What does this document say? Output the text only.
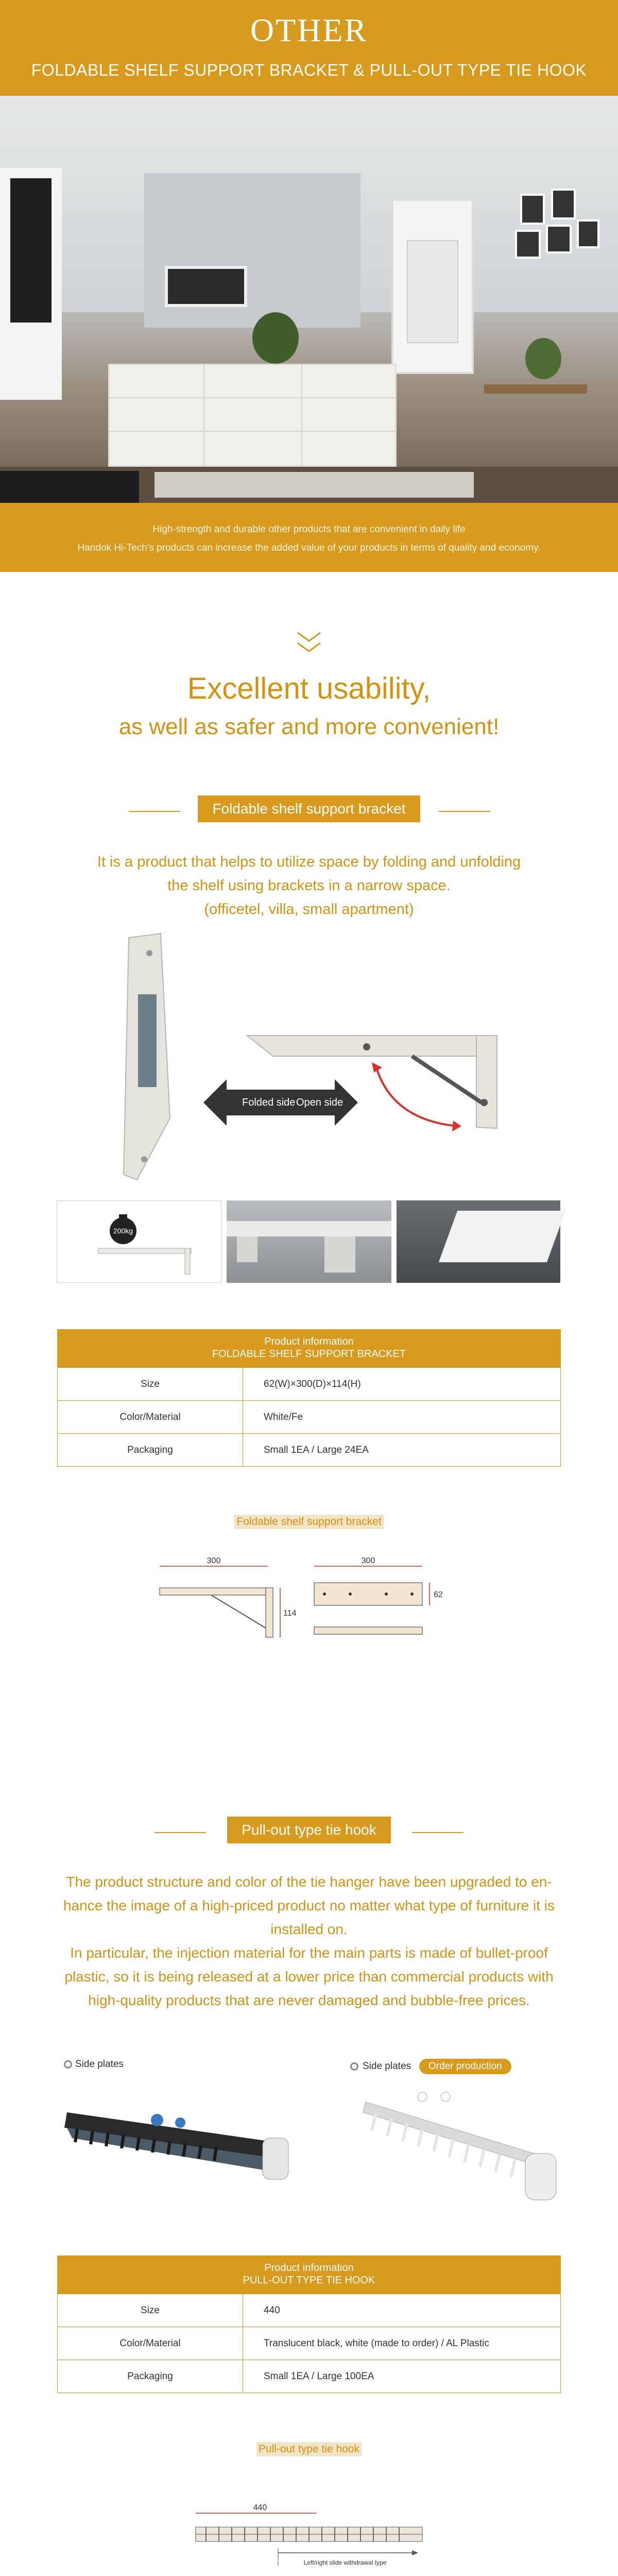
OTHER
FOLDABLE SHELF SUPPORT BRACKET & PULL-OUT TYPE TIE HOOK
High-strength and durable other products that are convenient in daily life
Handok Hi-Tech's products can increase the added value of your products in terms of quality and economy.
Excellent usability,
as well as safer and more convenient!
Foldable shelf support bracket
It is a product that helps to utilize space by folding and unfolding
the shelf using brackets in a narrow space.
(officetel, villa, small apartment)
Folded side Open side
200kg
Product information
FOLDABLE SHELF SUPPORT BRACKET
Size	62(W)×300(D)×114(H)
Color/Material	White/Fe
Packaging	Small 1EA / Large 24EA
Foldable shelf support bracket
300
114
300
62
Pull-out type tie hook
The product structure and color of the tie hanger have been upgraded to en-
hance the image of a high-priced product no matter what type of furniture it is
installed on.
In particular, the injection material for the main parts is made of bullet-proof
plastic, so it is being released at a lower price than commercial products with
high-quality products that are never damaged and bubble-free prices.
Side plates	Side plates	Order production
Product information
PULL-OUT TYPE TIE HOOK
Size	440
Color/Material	Translucent black, white (made to order) / AL Plastic
Packaging	Small 1EA / Large 100EA
Pull-out type tie hook
440
Left/right slide withdrawal type
